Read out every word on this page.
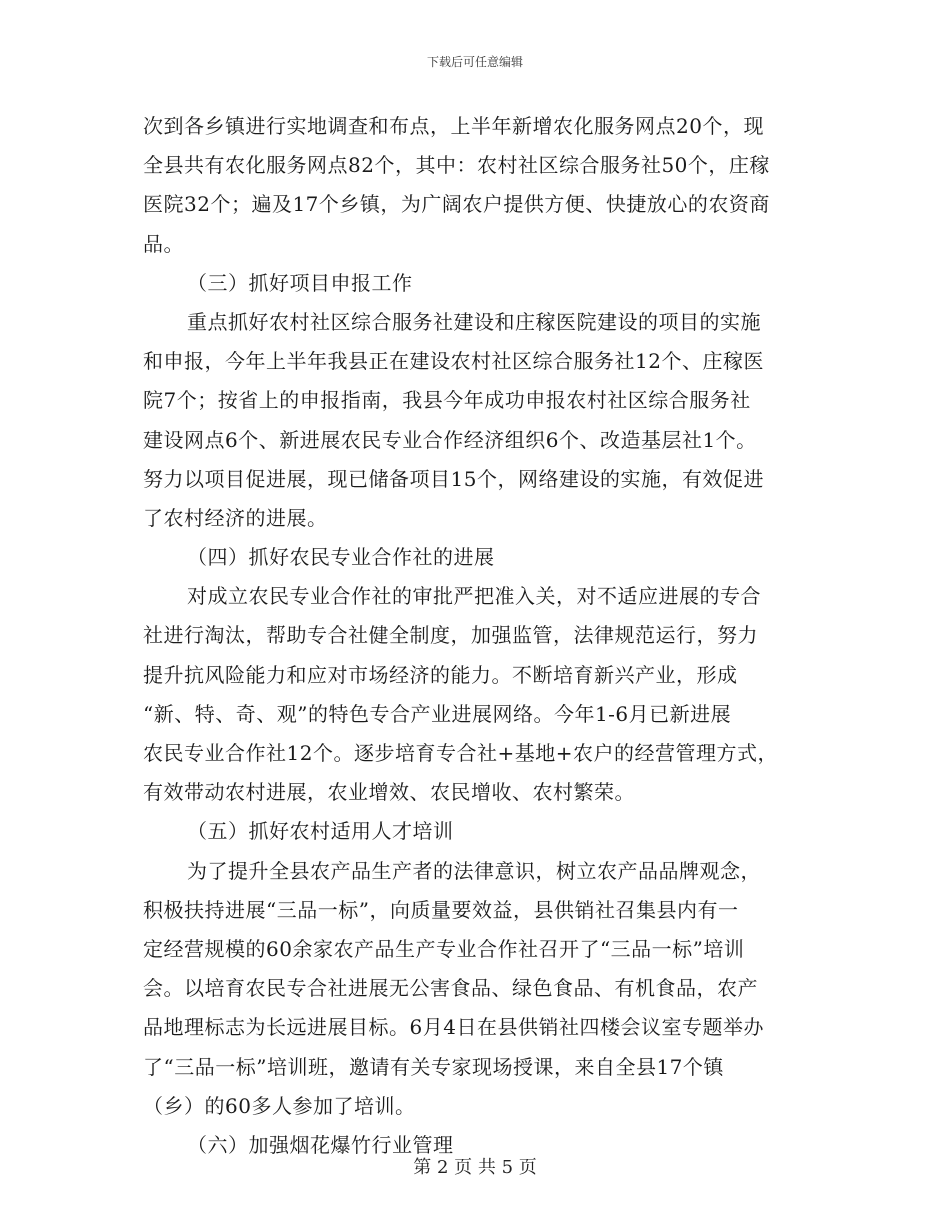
下载后可任意编辑
次到各乡镇进行实地调查和布点，上半年新增农化服务网点20个，现
全县共有农化服务网点82个，其中：农村社区综合服务社50个，庄稼
医院32个；遍及17个乡镇，为广阔农户提供方便、快捷放心的农资商
品。
（三）抓好项目申报工作
重点抓好农村社区综合服务社建设和庄稼医院建设的项目的实施
和申报，今年上半年我县正在建设农村社区综合服务社12个、庄稼医
院7个；按省上的申报指南，我县今年成功申报农村社区综合服务社
建设网点6个、新进展农民专业合作经济组织6个、改造基层社1个。
努力以项目促进展，现已储备项目15个，网络建设的实施，有效促进
了农村经济的进展。
（四）抓好农民专业合作社的进展
对成立农民专业合作社的审批严把准入关，对不适应进展的专合
社进行淘汰，帮助专合社健全制度，加强监管，法律规范运行，努力
提升抗风险能力和应对市场经济的能力。不断培育新兴产业，形成
“新、特、奇、观”的特色专合产业进展网络。今年1-6月已新进展
农民专业合作社12个。逐步培育专合社+基地+农户的经营管理方式，
有效带动农村进展，农业增效、农民增收、农村繁荣。
（五）抓好农村适用人才培训
为了提升全县农产品生产者的法律意识，树立农产品品牌观念，
积极扶持进展“三品一标”，向质量要效益，县供销社召集县内有一
定经营规模的60余家农产品生产专业合作社召开了“三品一标”培训
会。以培育农民专合社进展无公害食品、绿色食品、有机食品，农产
品地理标志为长远进展目标。6月4日在县供销社四楼会议室专题举办
了“三品一标”培训班，邀请有关专家现场授课，来自全县17个镇
（乡）的60多人参加了培训。
（六）加强烟花爆竹行业管理
第 2 页 共 5 页
